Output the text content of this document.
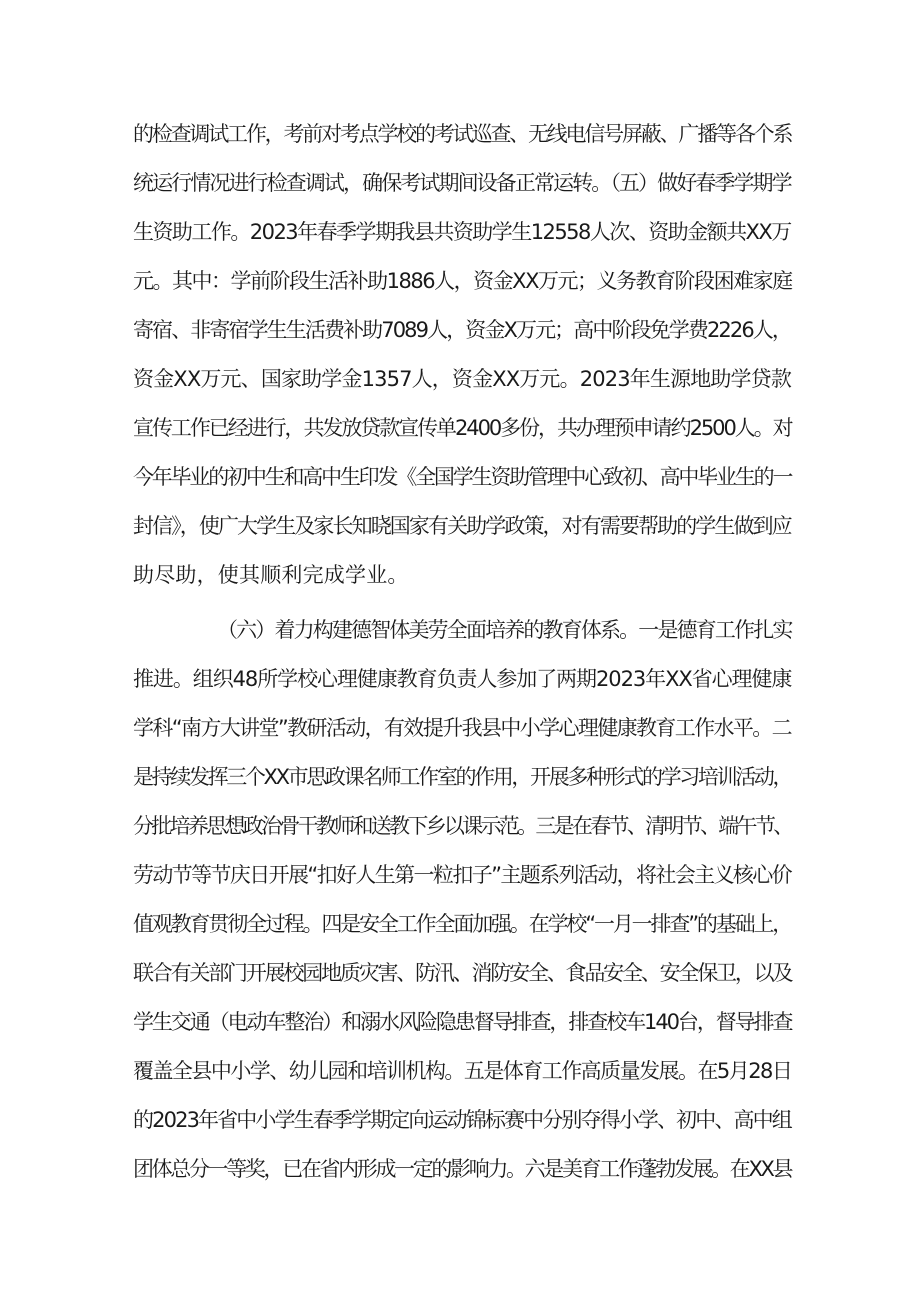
的检查调试工作，考前对考点学校的考试巡查、无线电信号屏蔽、广播等各个系
统运行情况进行检查调试，确保考试期间设备正常运转。（五）做好春季学期学
生资助工作。2023年春季学期我县共资助学生12558人次、资助金额共XX万
元。其中：学前阶段生活补助1886人，资金XX万元；义务教育阶段困难家庭
寄宿、非寄宿学生生活费补助7089人，资金X万元；高中阶段免学费2226人，
资金XX万元、国家助学金1357人，资金XX万元。2023年生源地助学贷款
宣传工作已经进行，共发放贷款宣传单2400多份，共办理预申请约2500人。对
今年毕业的初中生和高中生印发《全国学生资助管理中心致初、高中毕业生的一
封信》，使广大学生及家长知晓国家有关助学政策，对有需要帮助的学生做到应
助尽助，使其顺利完成学业。
（六）着力构建德智体美劳全面培养的教育体系。一是德育工作扎实
推进。组织48所学校心理健康教育负责人参加了两期2023年XX省心理健康
学科“南方大讲堂”教研活动，有效提升我县中小学心理健康教育工作水平。二
是持续发挥三个XX市思政课名师工作室的作用，开展多种形式的学习培训活动，
分批培养思想政治骨干教师和送教下乡以课示范。三是在春节、清明节、端午节、
劳动节等节庆日开展“扣好人生第一粒扣子”主题系列活动，将社会主义核心价
值观教育贯彻全过程。四是安全工作全面加强。在学校“一月一排查”的基础上，
联合有关部门开展校园地质灾害、防汛、消防安全、食品安全、安全保卫，以及
学生交通（电动车整治）和溺水风险隐患督导排查，排查校车140台，督导排查
覆盖全县中小学、幼儿园和培训机构。五是体育工作高质量发展。在5月28日
的2023年省中小学生春季学期定向运动锦标赛中分别夺得小学、初中、高中组
团体总分一等奖，已在省内形成一定的影响力。六是美育工作蓬勃发展。在XX县
